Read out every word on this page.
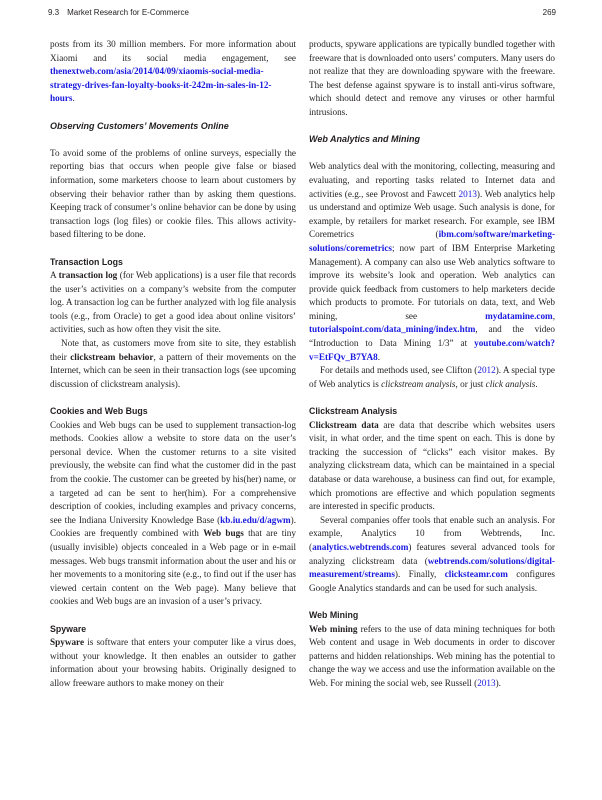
9.3 Market Research for E-Commerce	269

posts from its 30 million members. For more information about Xiaomi and its social media engagement, see thenextweb.com/asia/2014/04/09/xiaomis-social-media-strategy-drives-fan-loyalty-books-it-242m-in-sales-in-12-hours.

Observing Customers’ Movements Online

To avoid some of the problems of online surveys, especially the reporting bias that occurs when people give false or biased information, some marketers choose to learn about customers by observing their behavior rather than by asking them questions. Keeping track of consumer’s online behavior can be done by using transaction logs (log files) or cookie files. This allows activity-based filtering to be done.

Transaction Logs

A transaction log (for Web applications) is a user file that records the user’s activities on a company’s website from the computer log. A transaction log can be further analyzed with log file analysis tools (e.g., from Oracle) to get a good idea about online visitors’ activities, such as how often they visit the site.

Note that, as customers move from site to site, they establish their clickstream behavior, a pattern of their movements on the Internet, which can be seen in their transaction logs (see upcoming discussion of clickstream analysis).

Cookies and Web Bugs

Cookies and Web bugs can be used to supplement transaction-log methods. Cookies allow a website to store data on the user’s personal device. When the customer returns to a site visited previously, the website can find what the customer did in the past from the cookie. The customer can be greeted by his(her) name, or a targeted ad can be sent to her(him). For a comprehensive description of cookies, including examples and privacy concerns, see the Indiana University Knowledge Base (kb.iu.edu/d/agwm). Cookies are frequently combined with Web bugs that are tiny (usually invisible) objects concealed in a Web page or in e-mail messages. Web bugs transmit information about the user and his or her movements to a monitoring site (e.g., to find out if the user has viewed certain content on the Web page). Many believe that cookies and Web bugs are an invasion of a user’s privacy.

Spyware

Spyware is software that enters your computer like a virus does, without your knowledge. It then enables an outsider to gather information about your browsing habits. Originally designed to allow freeware authors to make money on their

products, spyware applications are typically bundled together with freeware that is downloaded onto users’ computers. Many users do not realize that they are downloading spyware with the freeware. The best defense against spyware is to install anti-virus software, which should detect and remove any viruses or other harmful intrusions.

Web Analytics and Mining

Web analytics deal with the monitoring, collecting, measuring and evaluating, and reporting tasks related to Internet data and activities (e.g., see Provost and Fawcett 2013). Web analytics help us understand and optimize Web usage. Such analysis is done, for example, by retailers for market research. For example, see IBM Coremetrics (ibm.com/software/marketing-solutions/coremetrics; now part of IBM Enterprise Marketing Management). A company can also use Web analytics software to improve its website’s look and operation. Web analytics can provide quick feedback from customers to help marketers decide which products to promote. For tutorials on data, text, and Web mining, see mydatamine.com, tutorialspoint.com/data_mining/index.htm, and the video “Introduction to Data Mining 1/3” at youtube.com/watch?v=EtFQv_B7YA8.

For details and methods used, see Clifton (2012). A special type of Web analytics is clickstream analysis, or just click analysis.

Clickstream Analysis

Clickstream data are data that describe which websites users visit, in what order, and the time spent on each. This is done by tracking the succession of “clicks” each visitor makes. By analyzing clickstream data, which can be maintained in a special database or data warehouse, a business can find out, for example, which promotions are effective and which population segments are interested in specific products.

Several companies offer tools that enable such an analysis. For example, Analytics 10 from Webtrends, Inc. (analytics.webtrends.com) features several advanced tools for analyzing clickstream data (webtrends.com/solutions/digital-measurement/streams). Finally, clicksteamr.com configures Google Analytics standards and can be used for such analysis.

Web Mining

Web mining refers to the use of data mining techniques for both Web content and usage in Web documents in order to discover patterns and hidden relationships. Web mining has the potential to change the way we access and use the information available on the Web. For mining the social web, see Russell (2013).
